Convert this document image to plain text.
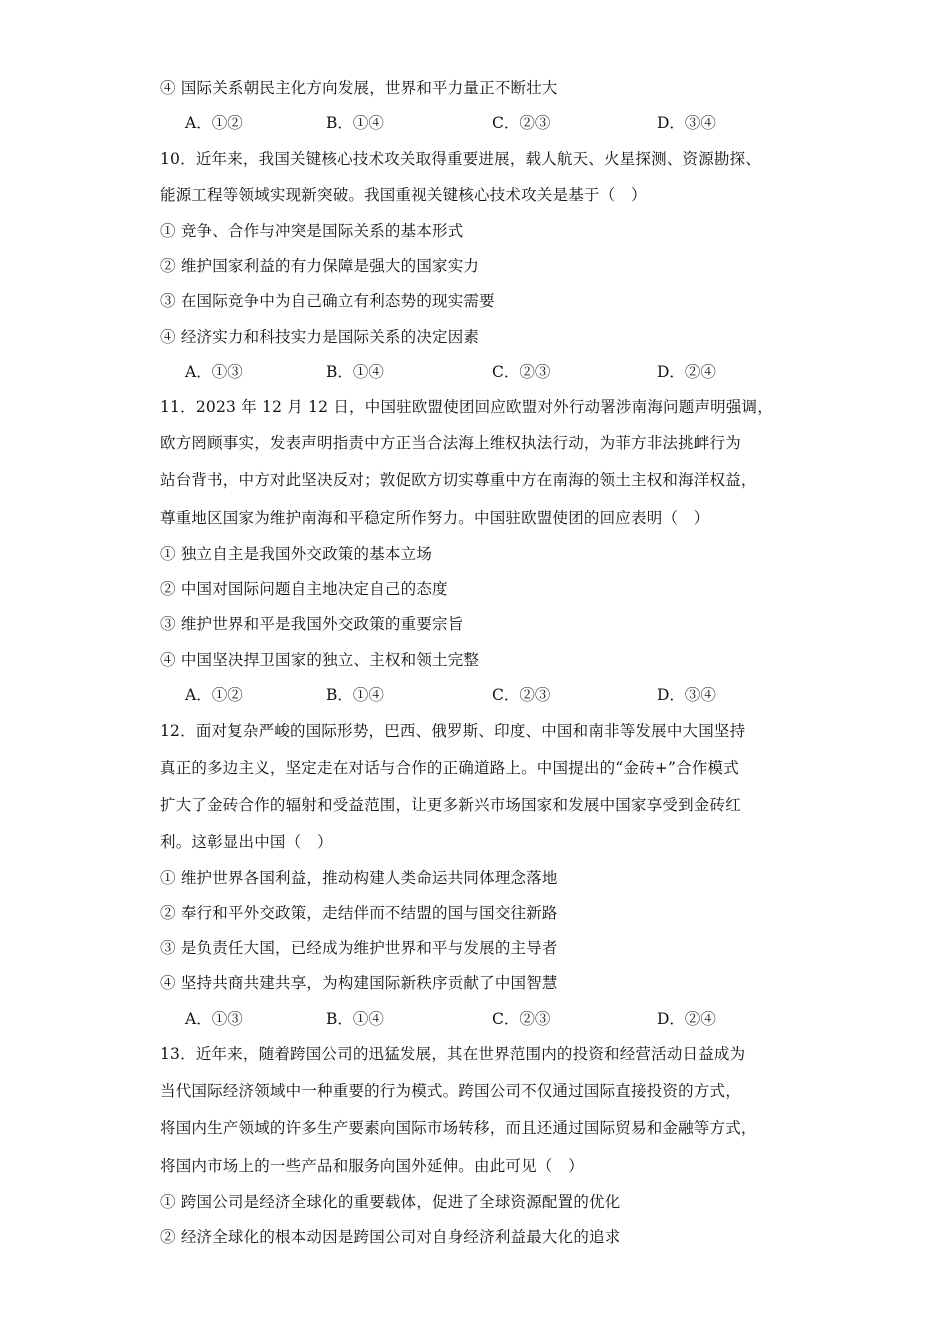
④ 国际关系朝民主化方向发展，世界和平力量正不断壮大
A．①②	B．①④	C．②③	D．③④
10．近年来，我国关键核心技术攻关取得重要进展，载人航天、火星探测、资源勘探、
能源工程等领域实现新突破。我国重视关键核心技术攻关是基于（　）
① 竞争、合作与冲突是国际关系的基本形式
② 维护国家利益的有力保障是强大的国家实力
③ 在国际竞争中为自己确立有利态势的现实需要
④ 经济实力和科技实力是国际关系的决定因素
A．①③	B．①④	C．②③	D．②④
11．2023 年 12 月 12 日，中国驻欧盟使团回应欧盟对外行动署涉南海问题声明强调，
欧方罔顾事实，发表声明指责中方正当合法海上维权执法行动，为菲方非法挑衅行为
站台背书，中方对此坚决反对；敦促欧方切实尊重中方在南海的领土主权和海洋权益，
尊重地区国家为维护南海和平稳定所作努力。中国驻欧盟使团的回应表明（　）
① 独立自主是我国外交政策的基本立场
② 中国对国际问题自主地决定自己的态度
③ 维护世界和平是我国外交政策的重要宗旨
④ 中国坚决捍卫国家的独立、主权和领土完整
A．①②	B．①④	C．②③	D．③④
12．面对复杂严峻的国际形势，巴西、俄罗斯、印度、中国和南非等发展中大国坚持
真正的多边主义，坚定走在对话与合作的正确道路上。中国提出的“金砖+”合作模式
扩大了金砖合作的辐射和受益范围，让更多新兴市场国家和发展中国家享受到金砖红
利。这彰显出中国（　）
① 维护世界各国利益，推动构建人类命运共同体理念落地
② 奉行和平外交政策，走结伴而不结盟的国与国交往新路
③ 是负责任大国，已经成为维护世界和平与发展的主导者
④ 坚持共商共建共享，为构建国际新秩序贡献了中国智慧
A．①③	B．①④	C．②③	D．②④
13．近年来，随着跨国公司的迅猛发展，其在世界范围内的投资和经营活动日益成为
当代国际经济领域中一种重要的行为模式。跨国公司不仅通过国际直接投资的方式，
将国内生产领域的许多生产要素向国际市场转移，而且还通过国际贸易和金融等方式，
将国内市场上的一些产品和服务向国外延伸。由此可见（　）
① 跨国公司是经济全球化的重要载体，促进了全球资源配置的优化
② 经济全球化的根本动因是跨国公司对自身经济利益最大化的追求
